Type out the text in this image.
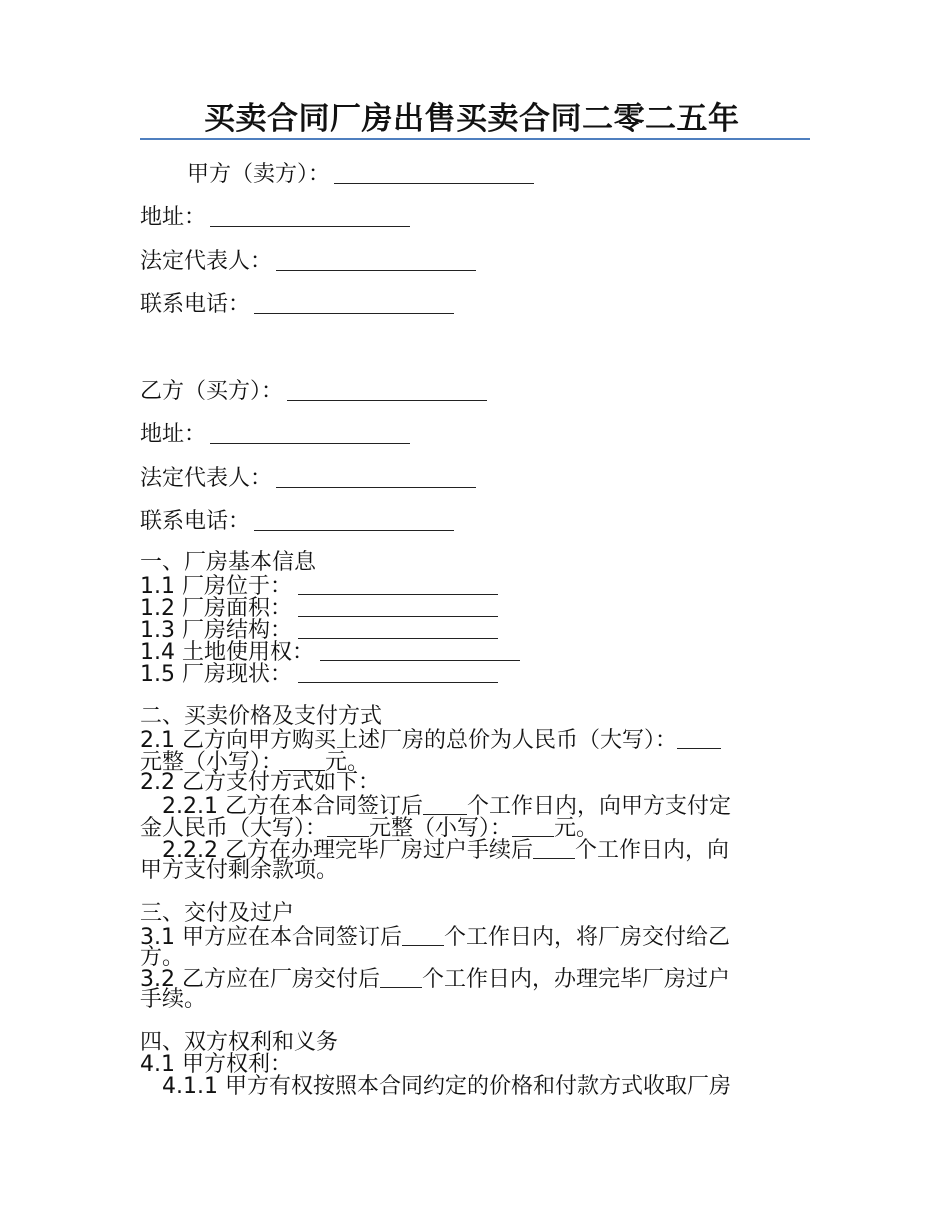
买卖合同厂房出售买卖合同二零二五年
甲方（卖方）：
地址：
法定代表人：
联系电话：
乙方（买方）：
地址：
法定代表人：
联系电话：
一、厂房基本信息
1.1 厂房位于：
1.2 厂房面积：
1.3 厂房结构：
1.4 土地使用权：
1.5 厂房现状：
二、买卖价格及支付方式
2.1 乙方向甲方购买上述厂房的总价为人民币（大写）：
元整（小写）： 元。
2.2 乙方支付方式如下：
2.2.1 乙方在本合同签订后 个工作日内，向甲方支付定
金人民币（大写）： 元整（小写）： 元。
2.2.2 乙方在办理完毕厂房过户手续后 个工作日内，向
甲方支付剩余款项。
三、交付及过户
3.1 甲方应在本合同签订后 个工作日内，将厂房交付给乙
方。
3.2 乙方应在厂房交付后 个工作日内，办理完毕厂房过户
手续。
四、双方权利和义务
4.1 甲方权利：
4.1.1 甲方有权按照本合同约定的价格和付款方式收取厂房
